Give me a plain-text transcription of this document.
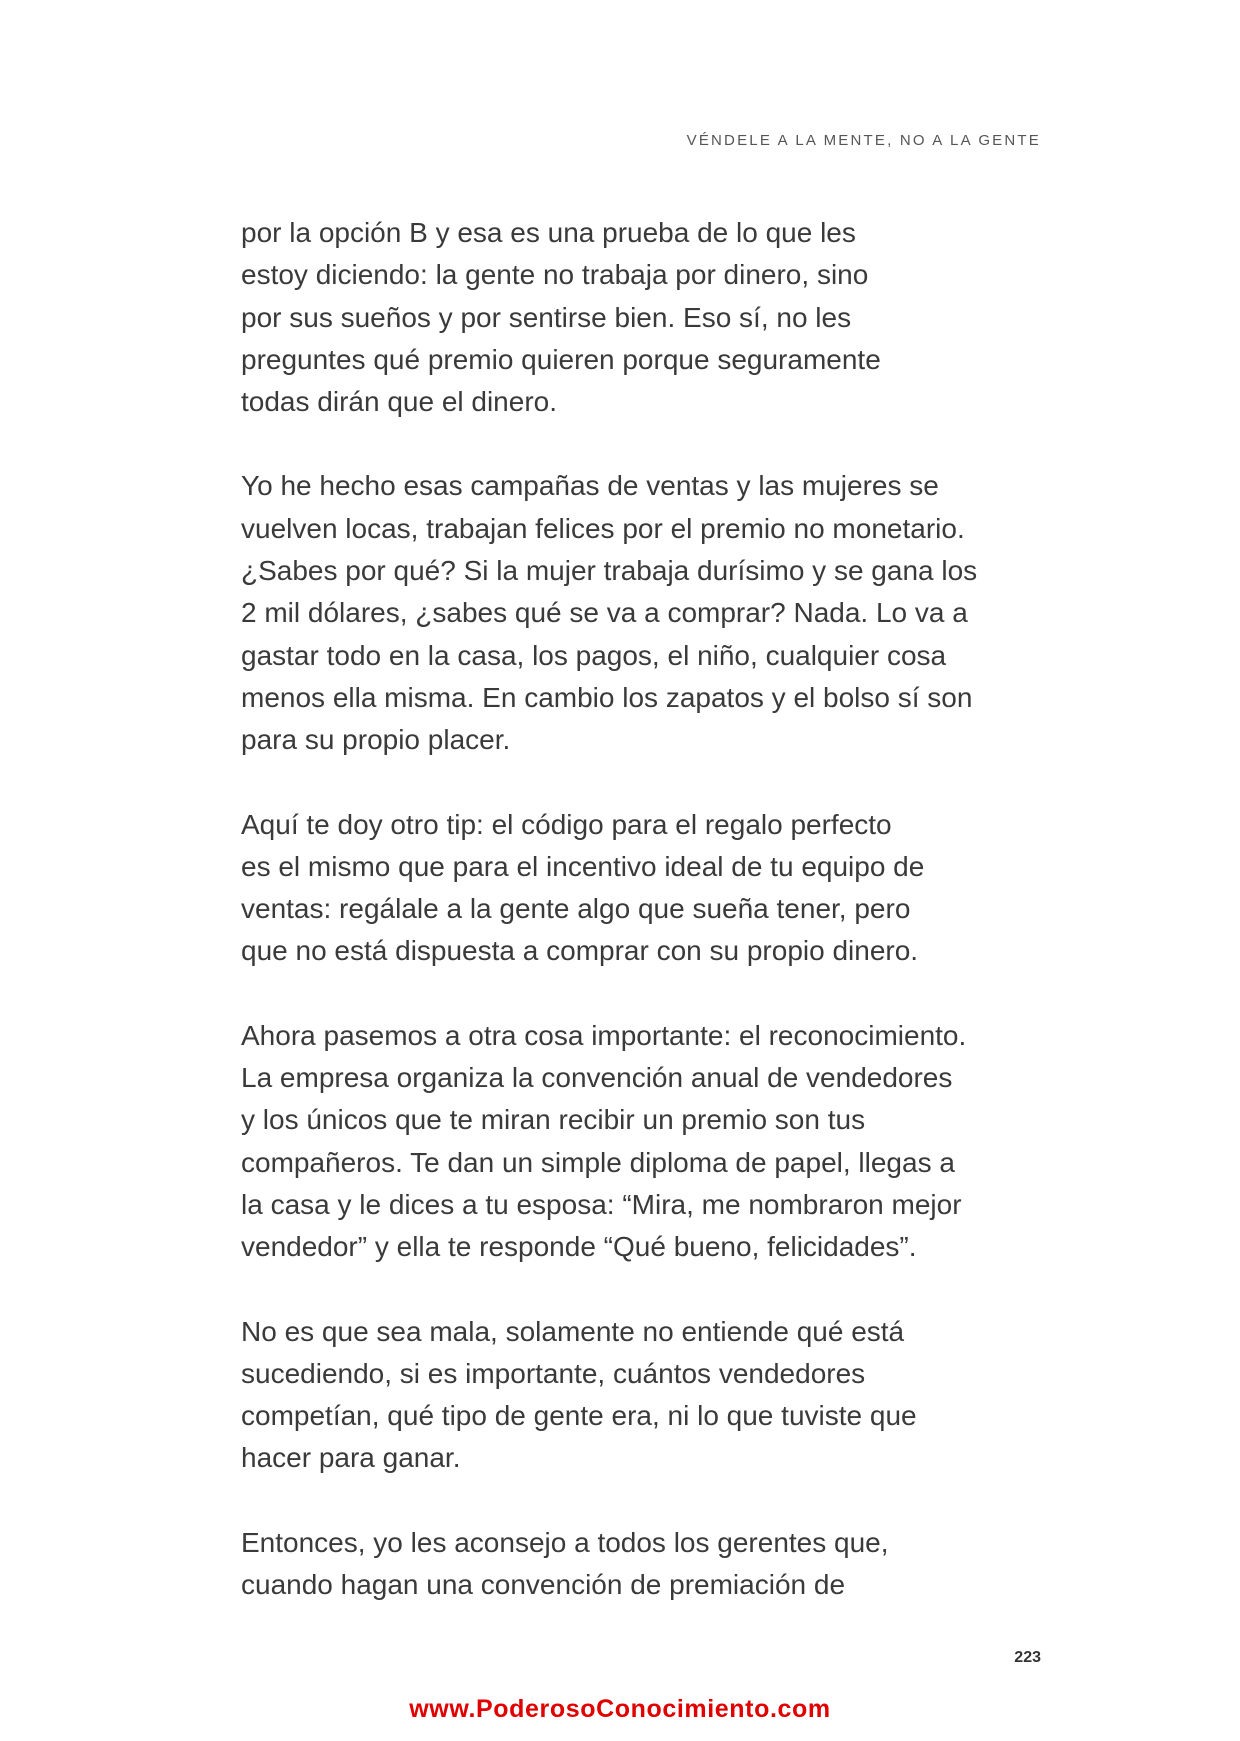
VÉNDELE A LA MENTE, NO A LA GENTE

por la opción B y esa es una prueba de lo que les
estoy diciendo: la gente no trabaja por dinero, sino
por sus sueños y por sentirse bien. Eso sí, no les
preguntes qué premio quieren porque seguramente
todas dirán que el dinero.

Yo he hecho esas campañas de ventas y las mujeres se
vuelven locas, trabajan felices por el premio no monetario.
¿Sabes por qué? Si la mujer trabaja durísimo y se gana los
2 mil dólares, ¿sabes qué se va a comprar? Nada. Lo va a
gastar todo en la casa, los pagos, el niño, cualquier cosa
menos ella misma. En cambio los zapatos y el bolso sí son
para su propio placer.

Aquí te doy otro tip: el código para el regalo perfecto
es el mismo que para el incentivo ideal de tu equipo de
ventas: regálale a la gente algo que sueña tener, pero
que no está dispuesta a comprar con su propio dinero.

Ahora pasemos a otra cosa importante: el reconocimiento.
La empresa organiza la convención anual de vendedores
y los únicos que te miran recibir un premio son tus
compañeros. Te dan un simple diploma de papel, llegas a
la casa y le dices a tu esposa: “Mira, me nombraron mejor
vendedor” y ella te responde “Qué bueno, felicidades”.

No es que sea mala, solamente no entiende qué está
sucediendo, si es importante, cuántos vendedores
competían, qué tipo de gente era, ni lo que tuviste que
hacer para ganar.

Entonces, yo les aconsejo a todos los gerentes que,
cuando hagan una convención de premiación de

223
www.PoderosoConocimiento.com
